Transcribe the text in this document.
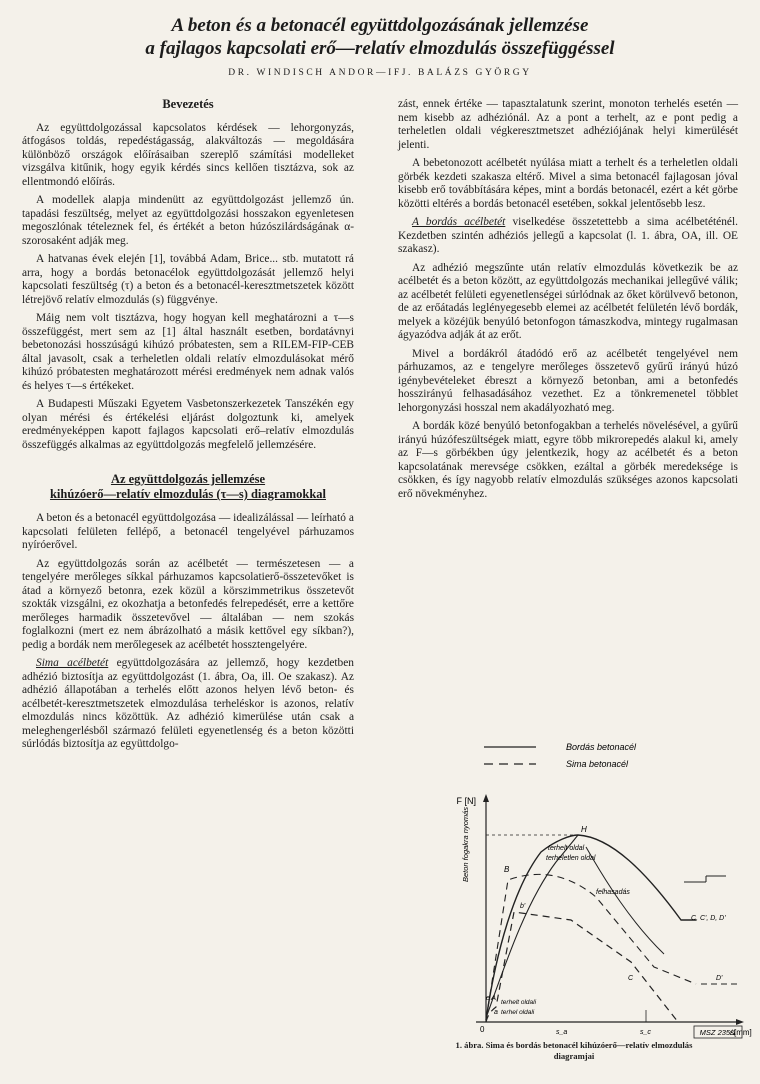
A beton és a betonacél együttdolgozásának jellemzése
a fajlagos kapcsolati erő—relatív elmozdulás összefüggéssel
DR. WINDISCH ANDOR—IFJ. BALÁZS GYÖRGY
Bevezetés

Az együttdolgozással kapcsolatos kérdések — lehorgonyzás, átfogásos toldás, repedéstágasság, alakváltozás — megoldására különböző országok előírásaiban szereplő számítási modelleket vizsgálva kitűnik, hogy egyik kérdés sincs kellően tisztázva, sok az ellentmondó előírás.

A modellek alapja mindenütt az együttdolgozást jellemző ún. tapadási feszültség, melyet az együttdolgozási hosszakon egyenletesen megoszlónak tételeznek fel, és értékét a beton húzószilárdságának α-szorosaként adják meg.

A hatvanas évek elején [1], továbbá Adam, Brice... stb. mutatott rá arra, hogy a bordás betonacélok együttdolgozását jellemző helyi kapcsolati feszültség (τ) a beton és a betonacél-keresztmetszetek között létrejövő relatív elmozdulás (s) függvénye.

Máig nem volt tisztázva, hogy hogyan kell meghatározni a τ—s összefüggést, mert sem az [1] által használt esetben, bordatávnyi bebetonozási hosszúságú kihúzó próbatesten, sem a RILEM-FIP-CEB által javasolt, csak a terheletlen oldali relatív elmozdulásokat mérő kihúzó próbatesten meghatározott mérési eredmények nem adnak valós és helyes τ—s értékeket.

A Budapesti Műszaki Egyetem Vasbetonszerkezetek Tanszékén egy olyan mérési és értékelési eljárást dolgoztunk ki, amelyek eredményeképpen kapott fajlagos kapcsolati erő–relatív elmozdulás összefüggés alkalmas az együttdolgozás megfelelő jellemzésére.

Az együttdolgozás jellemzése
kihúzóerő—relatív elmozdulás (τ—s) diagramokkal

A beton és a betonacél együttdolgozása — idealizálással — leírható a kapcsolati felületen fellépő, a betonacél tengelyével párhuzamos nyíróerővel.

Az együttdolgozás során az acélbetét — természetesen — a tengelyére merőleges síkkal párhuzamos kapcsolatierő-összetevőket is átad a környező betonra, ezek közül a körszimmetrikus összetevőt szokták vizsgálni, ez okozhatja a betonfedés felrepedését, erre a kettőre merőleges harmadik összetevővel — általában — nem szokás foglalkozni (mert ez nem ábrázolható a másik kettővel egy síkban?), pedig a bordák nem merőlegesek az acélbetét hossztengelyére.

Sima acélbetét együttdolgozására az jellemző, hogy kezdetben adhézió biztosítja az együttdolgozást (1. ábra, Oa, ill. Oe szakasz). Az adhézió állapotában a terhelés előtt azonos helyen lévő beton- és acélbetét-keresztmetszetek elmozdulása terheléskor is azonos, relatív elmozdulás nincs közöttük. Az adhézió kimerülése után csak a meleghengerlésből származó felületi egyenetlenség és a beton közötti súrlódás biztosítja az együttdolgo-

zást, ennek értéke — tapasztalatunk szerint, monoton terhelés esetén — nem kisebb az adhéziónál. Az a pont a terhelt, az e pont pedig a terheletlen oldali végkeresztmetszet adhéziójának helyi kimerülését jelenti.

A bebetonozott acélbetét nyúlása miatt a terhelt és a terheletlen oldali görbék kezdeti szakasza eltérő. Mivel a sima betonacél fajlagosan jóval kisebb erő továbbítására képes, mint a bordás betonacél, ezért a két görbe közötti eltérés a bordás betonacél esetében, sokkal jelentősebb lesz.

A bordás acélbetét viselkedése összetettebb a sima acélbetéténél. Kezdetben szintén adhéziós jellegű a kapcsolat (l. 1. ábra, OA, ill. OE szakasz).

Az adhézió megszűnte után relatív elmozdulás következik be az acélbetét és a beton között, az együttdolgozás mechanikai jellegűvé válik; az acélbetét felületi egyenetlenségei súrlódnak az őket körülvevő betonon, de az erőátadás leglényegesebb elemei az acélbetét felületén lévő bordák, melyek a közéjük benyúló betonfogon támaszkodva, mintegy rugalmasan ágyazódva adják át az erőt.

Mivel a bordákról átadódó erő az acélbetét tengelyével nem párhuzamos, az e tengelyre merőleges összetevő gyűrű irányú húzó igénybevételeket ébreszt a környező betonban, ami a betonfedés hosszirányú felhasadásához vezethet. Ez a tönkremenetel többlet lehorgonyzási hosszal nem akadályozható meg.

A bordák közé benyúló betonfogakban a terhelés növelésével, a gyűrű irányú húzófeszültségek miatt, egyre több mikrorepedés alakul ki, amely az F—s görbékben úgy jelentkezik, hogy az acélbetét és a beton kapcsolatának merevsége csökken, ezáltal a görbék meredeksége is csökken, és így nagyobb relatív elmozdulás szükséges azonos kapcsolati erő növekményhez.

Bordás betonacél
Sima betonacél
F [N]
Beton fogakra nyomás
s[mm]
0
H
B
b'
A
a
e
terhelt oldal
terheletlen oldal
felhasadás
C, C', D, D'
terhelt oldali
terhel oldali
C	D'
s_a	s_c	MSZ 235/1
1. ábra. Sima és bordás betonacél kihúzóerő—relatív elmozdulás
diagramjai
